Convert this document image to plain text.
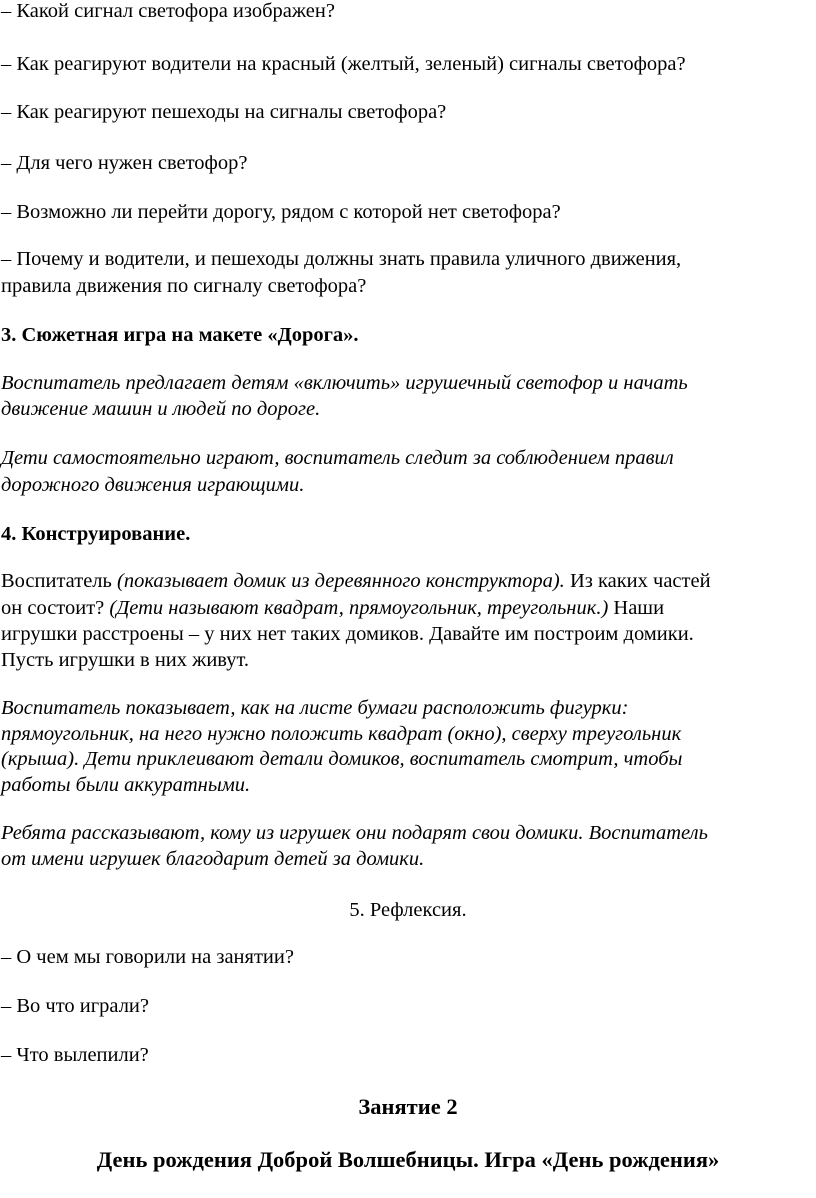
– Какой сигнал светофора изображен?
– Как реагируют водители на красный (желтый, зеленый) сигналы светофора?
– Как реагируют пешеходы на сигналы светофора?
– Для чего нужен светофор?
– Возможно ли перейти дорогу, рядом с которой нет светофора?
– Почему и водители, и пешеходы должны знать правила уличного движения,
правила движения по сигналу светофора?
3. Сюжетная игра на макете «Дорога».
Воспитатель предлагает детям «включить» игрушечный светофор и начать
движение машин и людей по дороге.
Дети самостоятельно играют, воспитатель следит за соблюдением правил
дорожного движения играющими.
4. Конструирование.
Воспитатель (показывает домик из деревянного конструктора). Из каких частей
он состоит? (Дети называют квадрат, прямоугольник, треугольник.) Наши
игрушки расстроены – у них нет таких домиков. Давайте им построим домики.
Пусть игрушки в них живут.
Воспитатель показывает, как на листе бумаги расположить фигурки:
прямоугольник, на него нужно положить квадрат (окно), сверху треугольник
(крыша). Дети приклеивают детали домиков, воспитатель смотрит, чтобы
работы были аккуратными.
Ребята рассказывают, кому из игрушек они подарят свои домики. Воспитатель
от имени игрушек благодарит детей за домики.
5. Рефлексия.
– О чем мы говорили на занятии?
– Во что играли?
– Что вылепили?
Занятие 2
День рождения Доброй Волшебницы. Игра «День рождения»
